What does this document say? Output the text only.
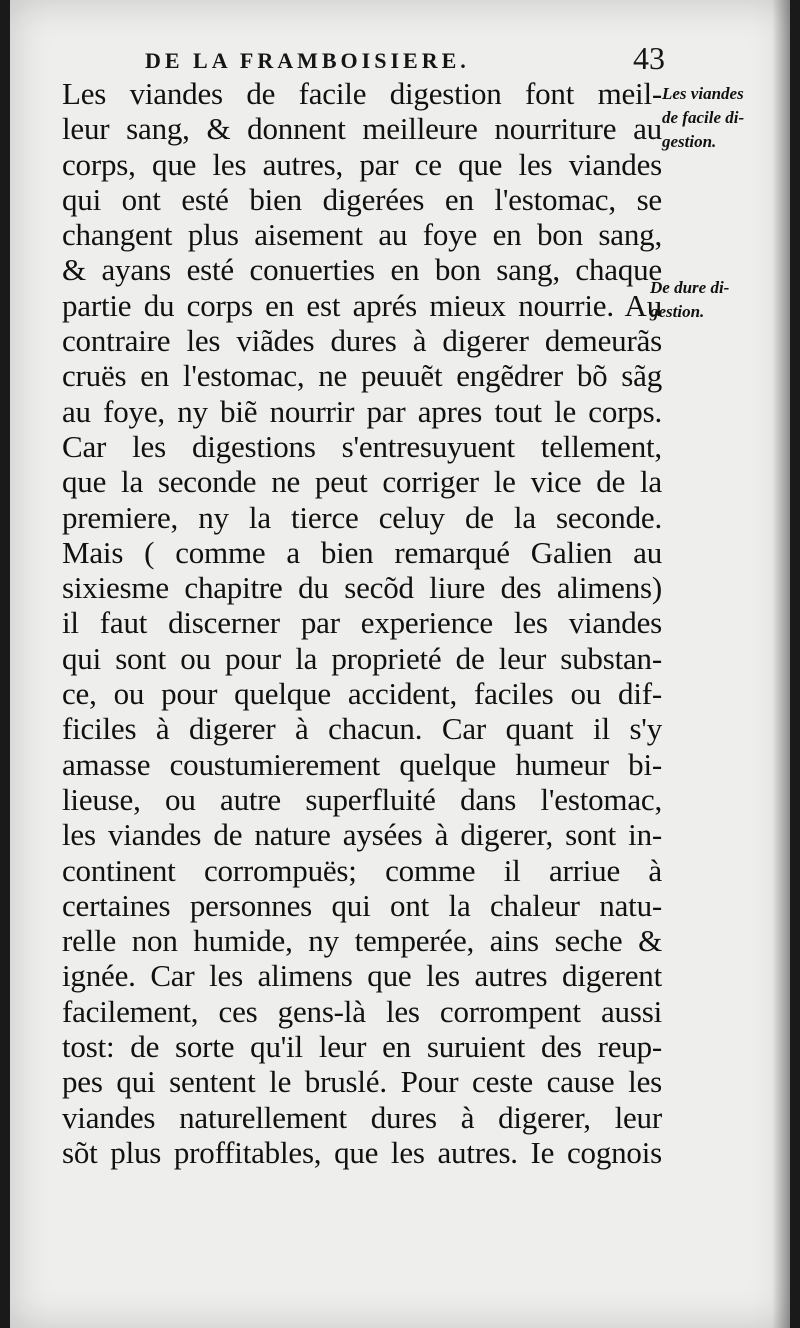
DE LA FRAMBOISIERE.	43
Les viandes
de facile di-
gestion.
De dure di-
gestion.
Les viandes de facile digestion font meil-
leur sang, & donnent meilleure nourriture au
corps, que les autres, par ce que les viandes
qui ont esté bien digerées en l'estomac, se
changent plus aisement au foye en bon sang,
& ayans esté conuerties en bon sang, chaque
partie du corps en est aprés mieux nourrie. Au
contraire les viãdes dures à digerer demeurãs
cruës en l'estomac, ne peuuẽt engẽdrer bõ sãg
au foye, ny biẽ nourrir par apres tout le corps.
Car les digestions s'entresuyuent tellement,
que la seconde ne peut corriger le vice de la
premiere, ny la tierce celuy de la seconde.
Mais ( comme a bien remarqué Galien au
sixiesme chapitre du secõd liure des alimens)
il faut discerner par experience les viandes
qui sont ou pour la proprieté de leur substan-
ce, ou pour quelque accident, faciles ou dif-
ficiles à digerer à chacun. Car quant il s'y
amasse coustumierement quelque humeur bi-
lieuse, ou autre superfluité dans l'estomac,
les viandes de nature aysées à digerer, sont in-
continent corrompuës; comme il arriue à
certaines personnes qui ont la chaleur natu-
relle non humide, ny temperée, ains seche &
ignée. Car les alimens que les autres digerent
facilement, ces gens-là les corrompent aussi
tost: de sorte qu'il leur en suruient des reup-
pes qui sentent le bruslé. Pour ceste cause les
viandes naturellement dures à digerer, leur
sõt plus proffitables, que les autres. Ie cognois
